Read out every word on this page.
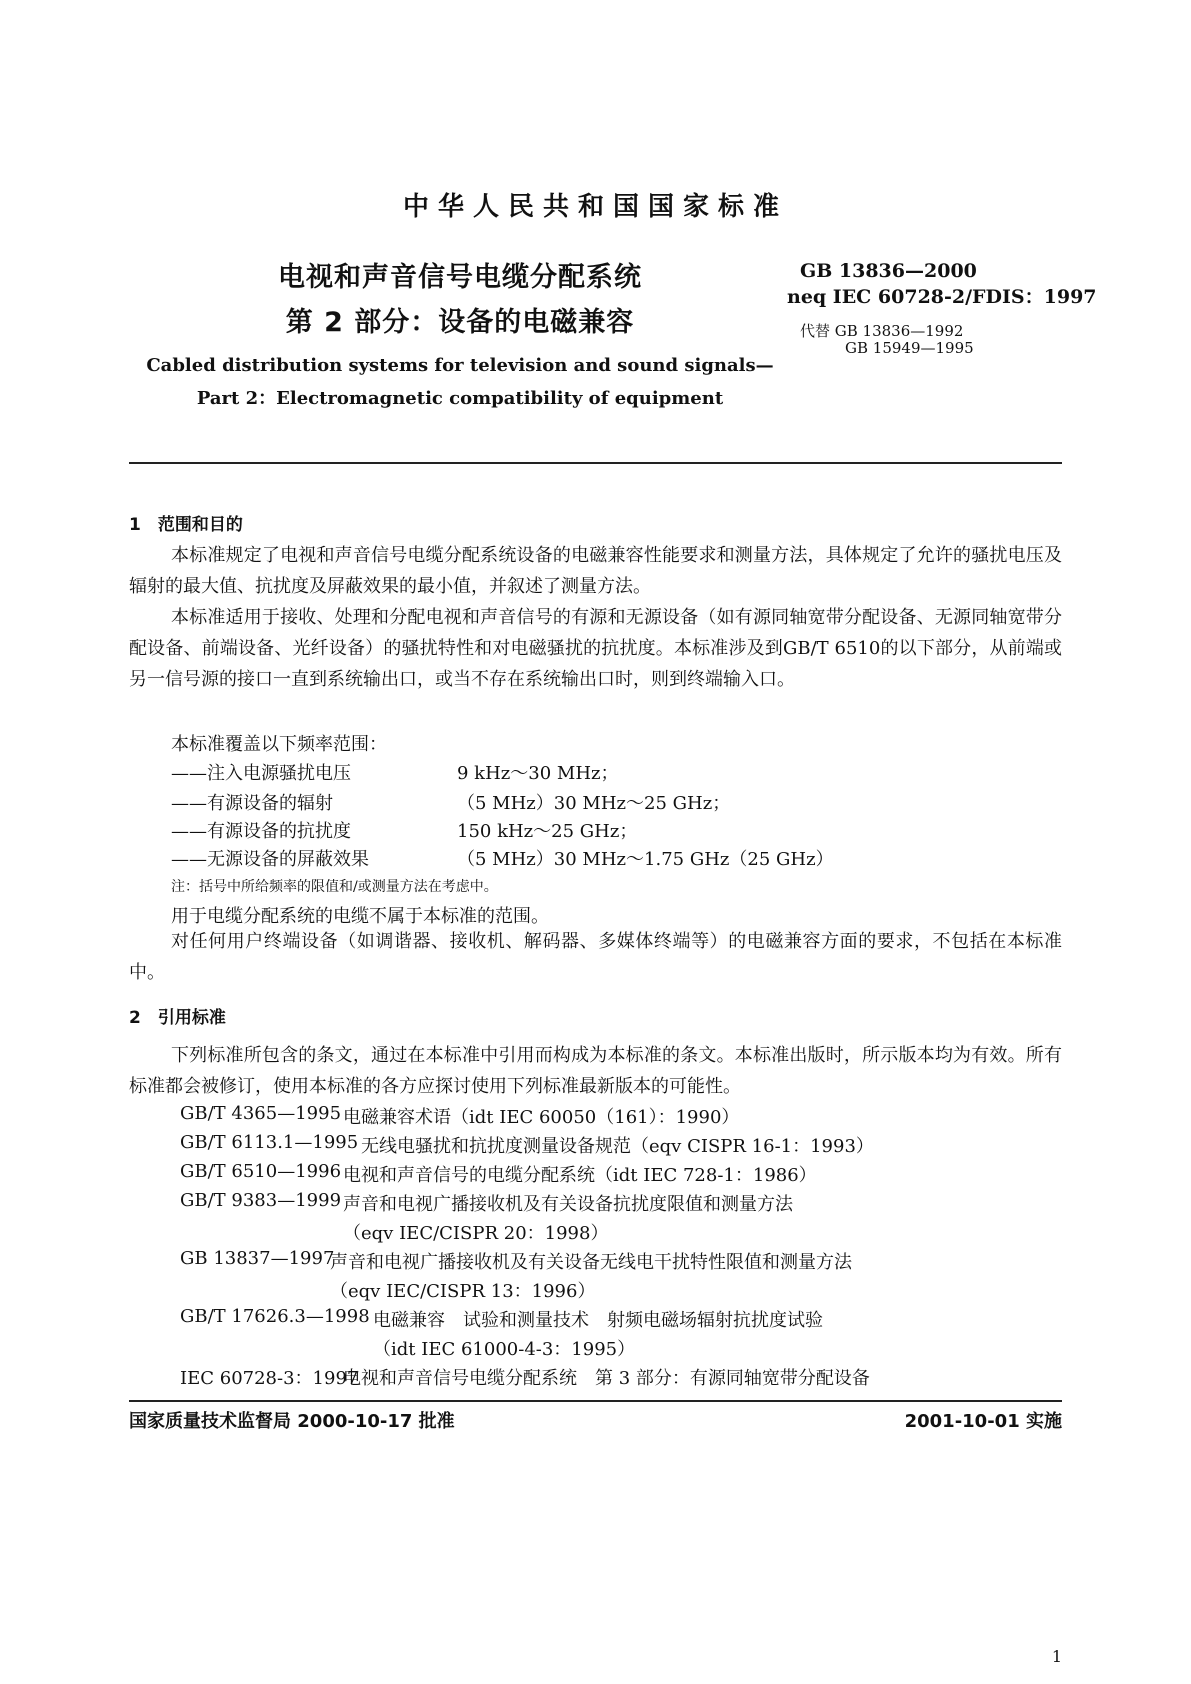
中华人民共和国国家标准
电视和声音信号电缆分配系统
第 2 部分：设备的电磁兼容
GB 13836—2000
neq IEC 60728-2/FDIS：1997
代替 GB 13836—1992
GB 15949—1995
Cabled distribution systems for television and sound signals—
Part 2：Electromagnetic compatibility of equipment
1　范围和目的
本标准规定了电视和声音信号电缆分配系统设备的电磁兼容性能要求和测量方法，具体规定了允许的骚扰电压及辐射的最大值、抗扰度及屏蔽效果的最小值，并叙述了测量方法。
本标准适用于接收、处理和分配电视和声音信号的有源和无源设备（如有源同轴宽带分配设备、无源同轴宽带分配设备、前端设备、光纤设备）的骚扰特性和对电磁骚扰的抗扰度。本标准涉及到GB/T 6510的以下部分，从前端或另一信号源的接口一直到系统输出口，或当不存在系统输出口时，则到终端输入口。
本标准覆盖以下频率范围：
——注入电源骚扰电压	9 kHz～30 MHz；
——有源设备的辐射	（5 MHz）30 MHz～25 GHz；
——有源设备的抗扰度	150 kHz～25 GHz；
——无源设备的屏蔽效果	（5 MHz）30 MHz～1.75 GHz（25 GHz）
注：括号中所给频率的限值和/或测量方法在考虑中。
用于电缆分配系统的电缆不属于本标准的范围。
对任何用户终端设备（如调谐器、接收机、解码器、多媒体终端等）的电磁兼容方面的要求，不包括在本标准中。
2　引用标准
下列标准所包含的条文，通过在本标准中引用而构成为本标准的条文。本标准出版时，所示版本均为有效。所有标准都会被修订，使用本标准的各方应探讨使用下列标准最新版本的可能性。
GB/T 4365—1995 电磁兼容术语（idt IEC 60050（161）：1990）
GB/T 6113.1—1995 无线电骚扰和抗扰度测量设备规范（eqv CISPR 16-1：1993）
GB/T 6510—1996 电视和声音信号的电缆分配系统（idt IEC 728-1：1986）
GB/T 9383—1999 声音和电视广播接收机及有关设备抗扰度限值和测量方法
（eqv IEC/CISPR 20：1998）
GB 13837—1997
声音和电视广播接收机及有关设备无线电干扰特性限值和测量方法
（eqv IEC/CISPR 13：1996）
GB/T 17626.3—1998 电磁兼容　试验和测量技术　射频电磁场辐射抗扰度试验
（idt IEC 61000-4-3：1995）
IEC 60728-3：1997
电视和声音信号电缆分配系统　第 3 部分：有源同轴宽带分配设备
国家质量技术监督局 2000-10-17 批准	2001-10-01 实施
1
